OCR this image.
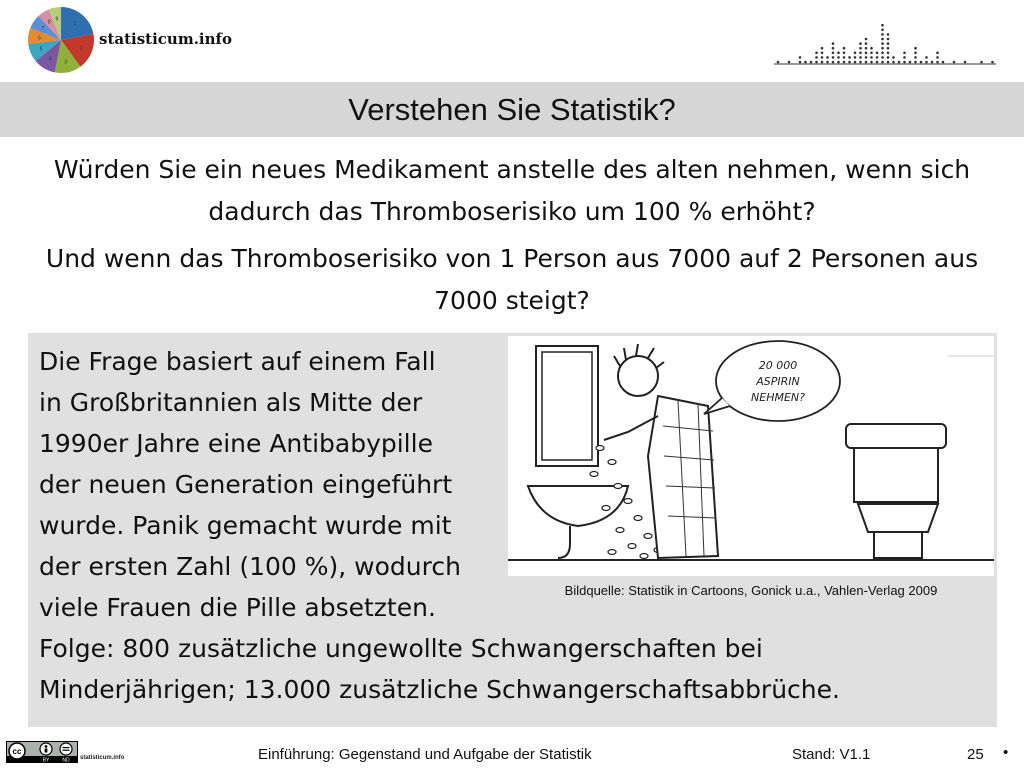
1
2
3
4
5
6
7
8
9
statisticum.info
Verstehen Sie Statistik?
Würden Sie ein neues Medikament anstelle des alten nehmen, wenn sich dadurch das Thromboserisiko um 100 % erhöht?
Und wenn das Thromboserisiko von 1 Person aus 7000 auf 2 Personen aus 7000 steigt?
Die Frage basiert auf einem Fall
in Großbritannien als Mitte der
1990er Jahre eine Antibabypille
der neuen Generation eingeführt
wurde. Panik gemacht wurde mit
der ersten Zahl (100 %), wodurch
viele Frauen die Pille absetzten.
20 000
ASPIRIN
NEHMEN?
Bildquelle: Statistik in Cartoons, Gonick u.a., Vahlen-Verlag 2009
Folge: 800 zusätzliche ungewollte Schwangerschaften bei
Minderjährigen; 13.000 zusätzliche Schwangerschaftsabbrüche.
cc
BY	ND statisticum.info	Einführung: Gegenstand und Aufgabe der Statistik	Stand: V1.1	25 •
